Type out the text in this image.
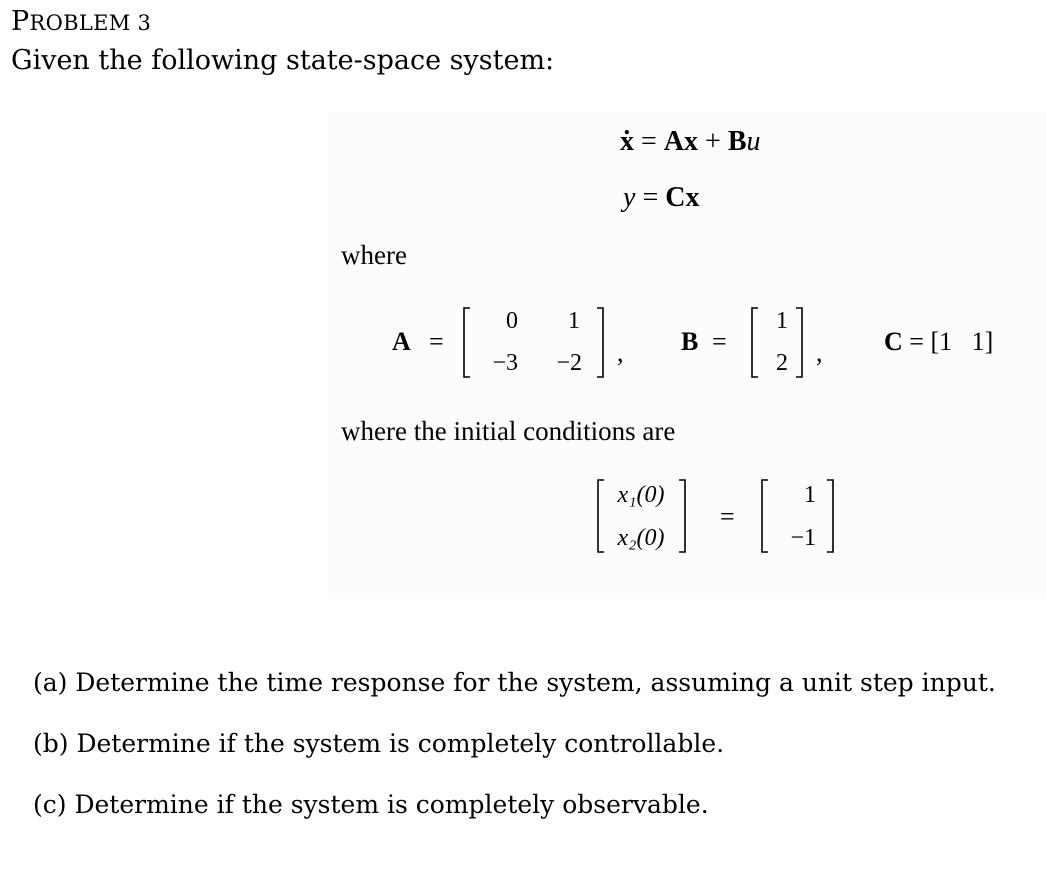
PROBLEM 3
Given the following state-space system:
ẋ = Ax + Bu
y = Cx
where
A =
0	1
−3	−2 , B =
1
2 , C = [1   1]
where the initial conditions are
x₁(0)
x₂(0)
=
1
−1
(a) Determine the time response for the system, assuming a unit step input.
(b) Determine if the system is completely controllable.
(c) Determine if the system is completely observable.
